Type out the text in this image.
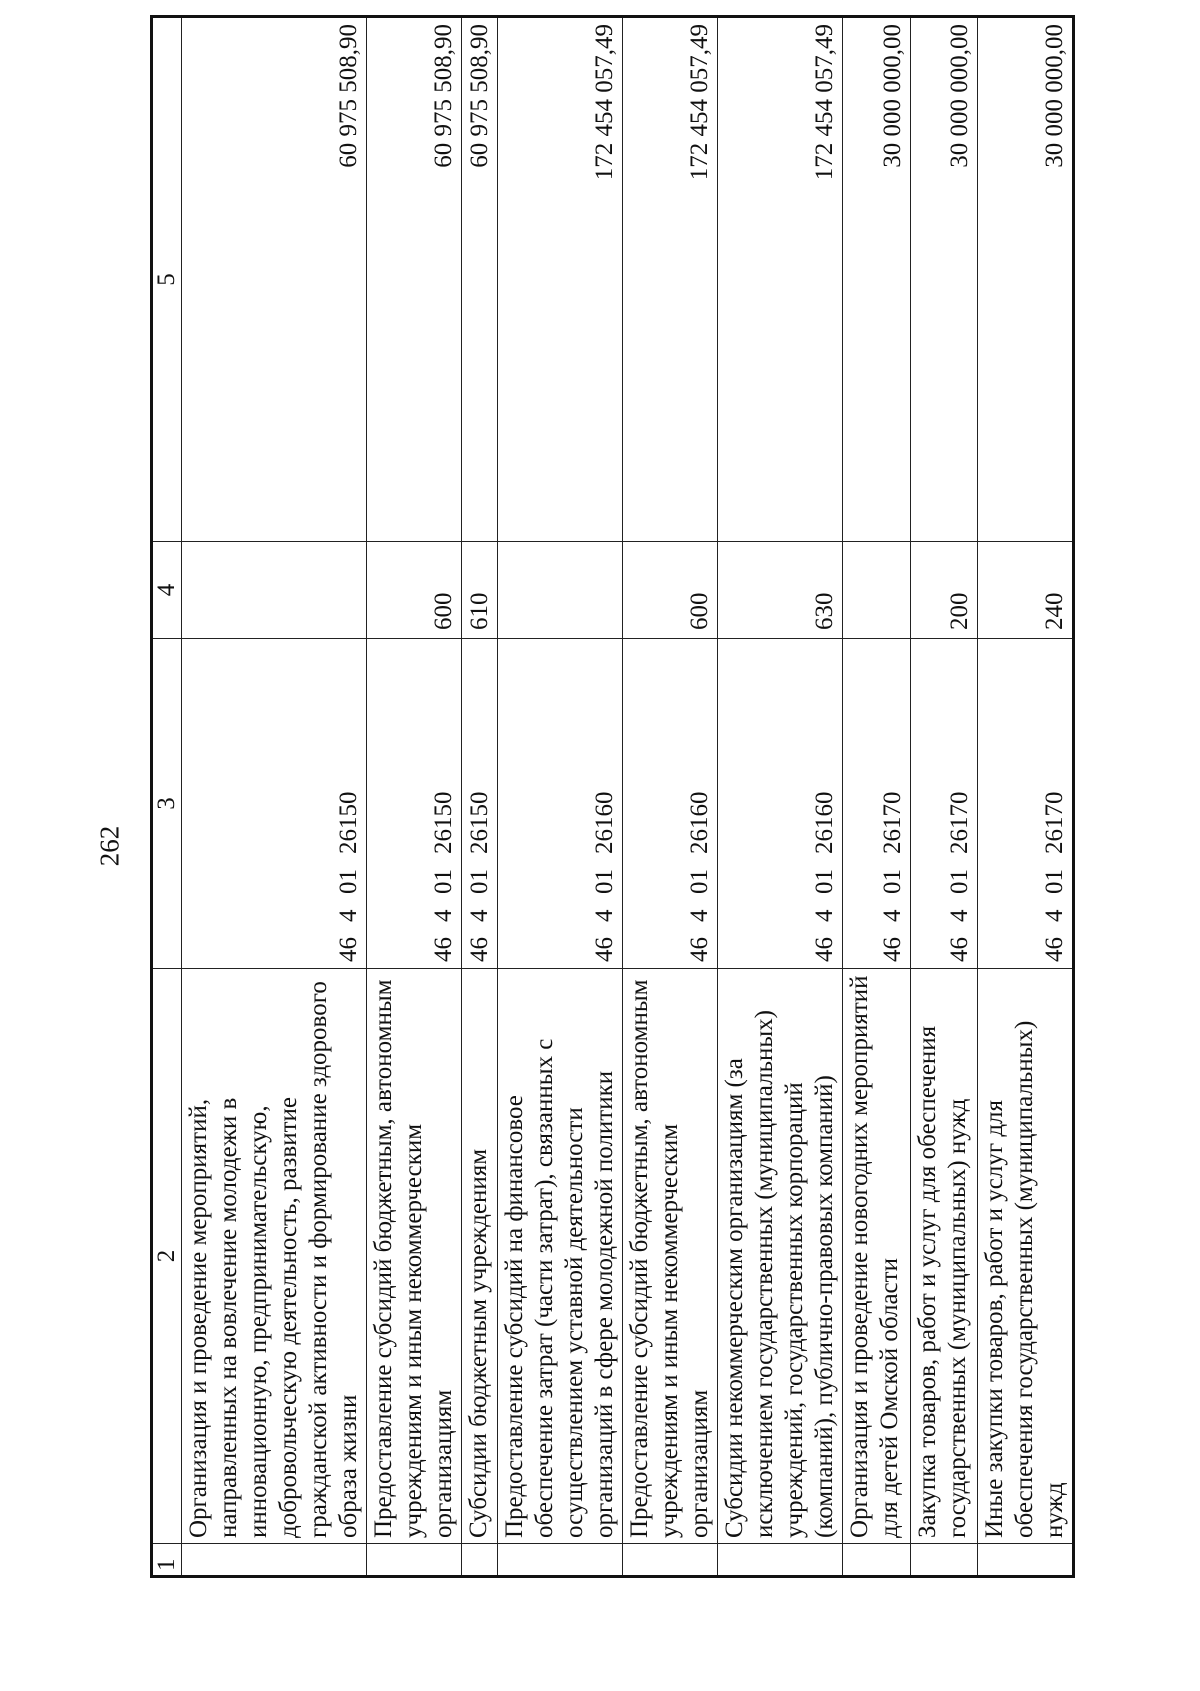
262
1	2	3	4	5
	Организация и проведение мероприятий, направленных на вовлечение молодежи в инновационную, предпринимательскую, добровольческую деятельность, развитие гражданской активности и формирование здорового образа жизни	4640126150		60 975 508,90
	Предоставление субсидий бюджетным, автономным учреждениям и иным некоммерческим организациям	4640126150	600	60 975 508,90
	Субсидии бюджетным учреждениям	4640126150	610	60 975 508,90
	Предоставление субсидий на финансовое обеспечение затрат (части затрат), связанных с осуществлением уставной деятельности организаций в сфере молодежной политики	4640126160		172 454 057,49
	Предоставление субсидий бюджетным, автономным учреждениям и иным некоммерческим организациям	4640126160	600	172 454 057,49
	Субсидии некоммерческим организациям (за исключением государственных (муниципальных) учреждений, государственных корпораций (компаний), публично-правовых компаний)	4640126160	630	172 454 057,49
	Организация и проведение новогодних мероприятий для детей Омской области	4640126170		30 000 000,00
	Закупка товаров, работ и услуг для обеспечения государственных (муниципальных) нужд	4640126170	200	30 000 000,00
	Иные закупки товаров, работ и услуг для обеспечения государственных (муниципальных) нужд	4640126170	240	30 000 000,00
